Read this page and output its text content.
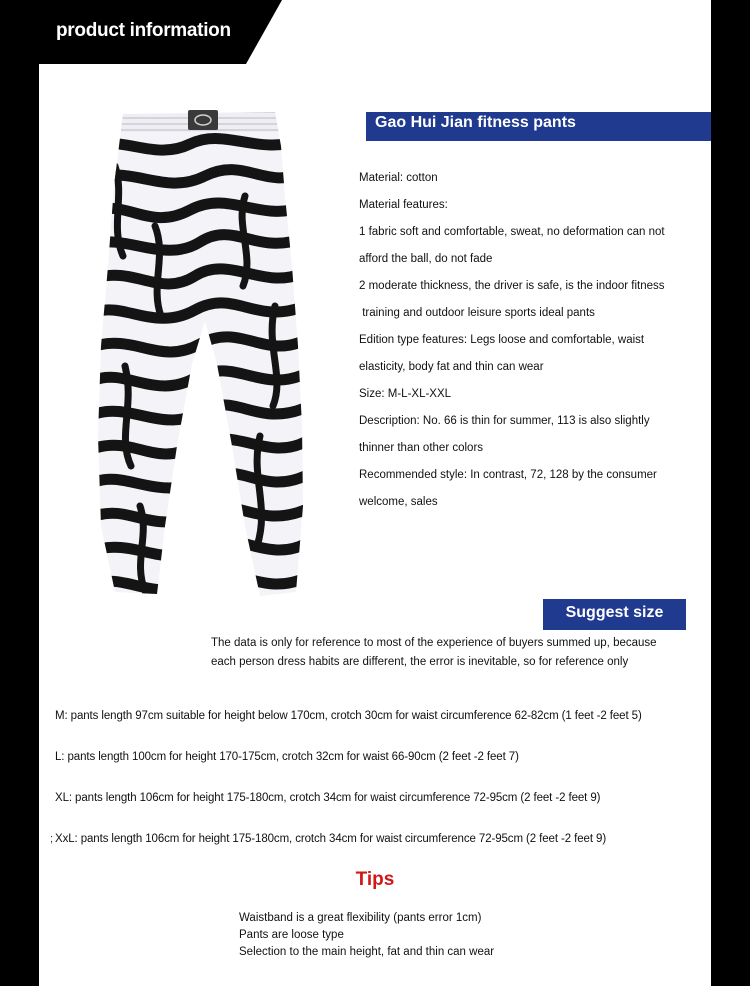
product information
Gao Hui Jian fitness pants
Material: cotton
Material features:
1 fabric soft and comfortable, sweat, no deformation can not
afford the ball, do not fade
2 moderate thickness, the driver is safe, is the indoor fitness
training and outdoor leisure sports ideal pants
Edition type features: Legs loose and comfortable, waist
elasticity, body fat and thin can wear
Size: M-L-XL-XXL
Description: No. 66 is thin for summer, 113 is also slightly
thinner than other colors
Recommended style: In contrast, 72, 128 by the consumer
welcome, sales
Suggest size
The data is only for reference to most of the experience of buyers summed up, because
each person dress habits are different, the error is inevitable, so for reference only
;
M: pants length 97cm suitable for height below 170cm, crotch 30cm for waist circumference 62-82cm (1 feet -2 feet 5)
L: pants length 100cm for height 170-175cm, crotch 32cm for waist 66-90cm (2 feet -2 feet 7)
XL: pants length 106cm for height 175-180cm, crotch 34cm for waist circumference 72-95cm (2 feet -2 feet 9)
XxL: pants length 106cm for height 175-180cm, crotch 34cm for waist circumference 72-95cm (2 feet -2 feet 9)
Tips
Waistband is a great flexibility (pants error 1cm)
Pants are loose type
Selection to the main height, fat and thin can wear
